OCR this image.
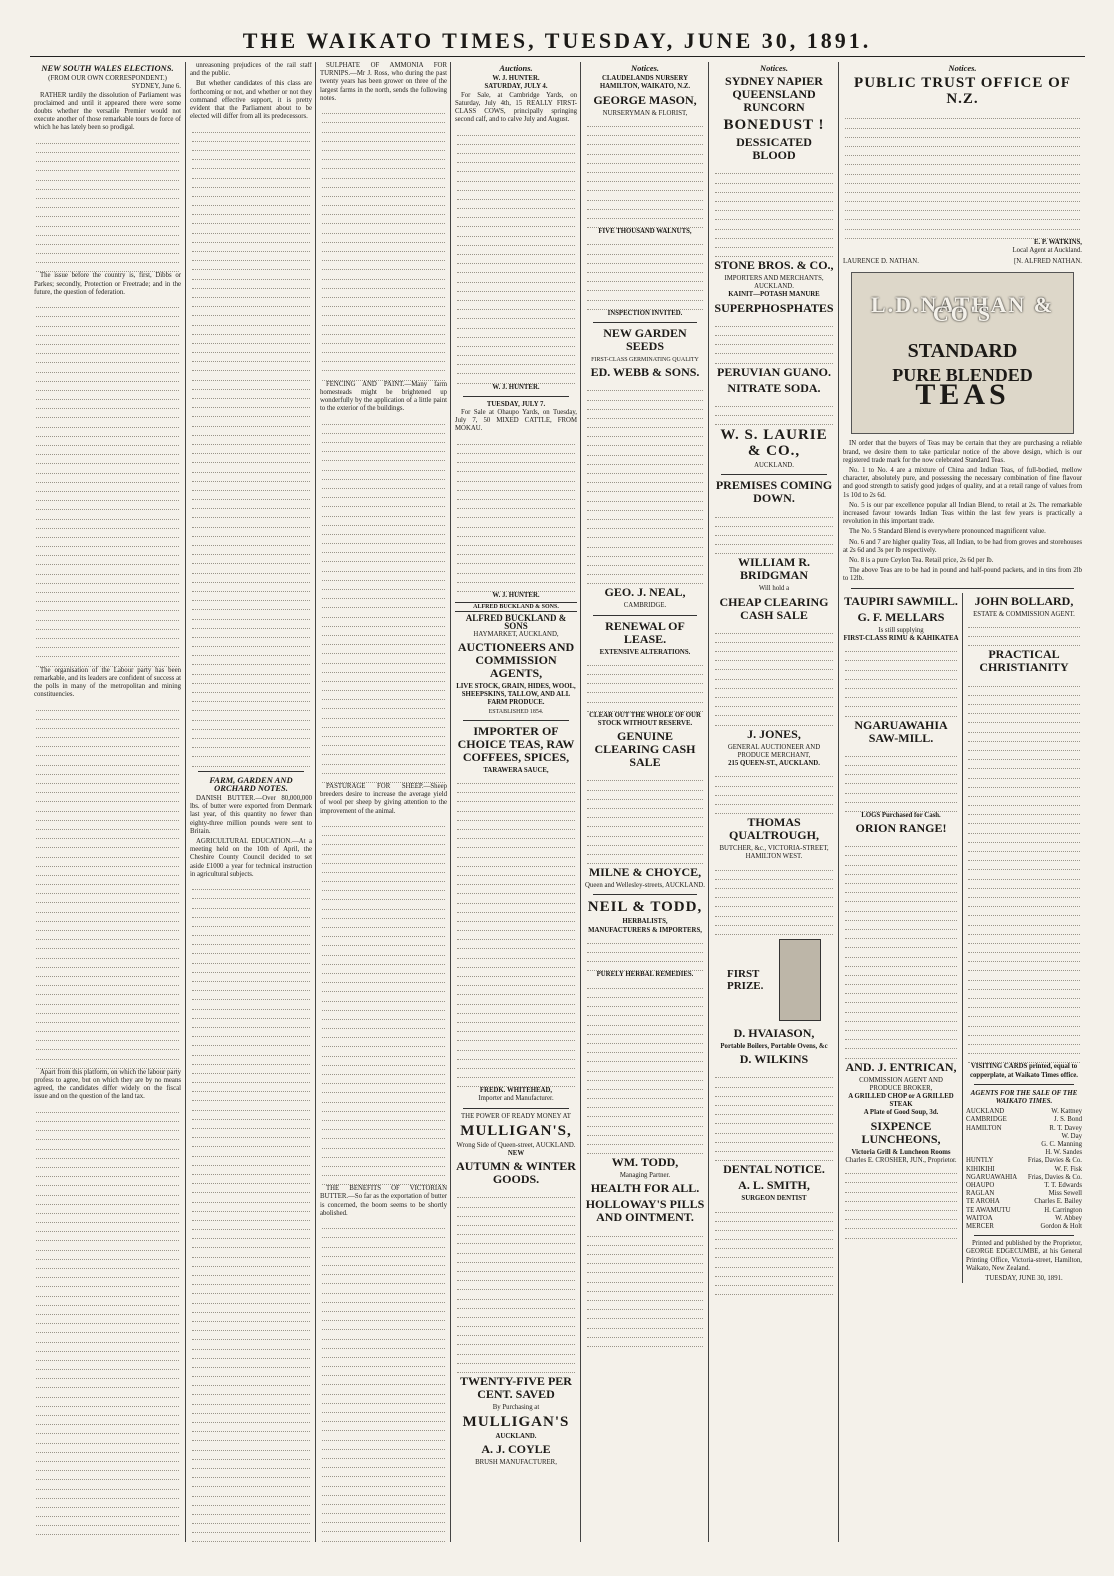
THE WAIKATO TIMES, TUESDAY, JUNE 30, 1891.
NEW SOUTH WALES ELECTIONS.
(FROM OUR OWN CORRESPONDENT.)
SYDNEY, June 6.

RATHER tardily the dissolution of Parliament was proclaimed and until it appeared there were some doubts whether the versatile Premier would not execute another of those remarkable tours de force of which he has lately been so prodigal.

The issue before the country is, first, Dibbs or Parkes; secondly, Protection or Freetrade; and in the future, the question of federation.

The organisation of the Labour party has been remarkable, and its leaders are confident of success at the polls in many of the metropolitan and mining constituencies.

Apart from this platform, on which the labour party profess to agree, but on which they are by no means agreed, the candidates differ widely on the fiscal issue and on the question of the land tax.

unreasoning prejudices of the rail staff and the public.

But whether candidates of this class are forthcoming or not, and whether or not they command effective support, it is pretty evident that the Parliament about to be elected will differ from all its predecessors.

FARM, GARDEN AND ORCHARD NOTES.

DANISH BUTTER.—Over 80,000,000 lbs. of butter were exported from Denmark last year, of this quantity no fewer than eighty-three million pounds were sent to Britain.

AGRICULTURAL EDUCATION.—At a meeting held on the 10th of April, the Cheshire County Council decided to set aside £1000 a year for technical instruction in agricultural subjects.

SULPHATE OF AMMONIA FOR TURNIPS.—Mr J. Ross, who during the past twenty years has been grower on three of the largest farms in the north, sends the following notes.

FENCING AND PAINT.—Many farm homesteads might be brightened up wonderfully by the application of a little paint to the exterior of the buildings.

PASTURAGE FOR SHEEP.—Sheep breeders desire to increase the average yield of wool per sheep by giving attention to the improvement of the animal.

THE BENEFITS OF VICTORIAN BUTTER.—So far as the exportation of butter is concerned, the boom seems to be shortly abolished.

Auctions.
W. J. HUNTER.
SATURDAY, JULY 4.

For Sale, at Cambridge Yards, on Saturday, July 4th, 15 REALLY FIRST-CLASS COWS, principally springing second calf, and to calve July and August.

W. J. HUNTER.
TUESDAY, JULY 7.

For Sale at Ohaupo Yards, on Tuesday, July 7, 50 MIXED CATTLE, FROM MOKAU.

W. J. HUNTER.
ALFRED BUCKLAND & SONS.
ALFRED BUCKLAND & SONS
HAYMARKET, AUCKLAND,
AUCTIONEERS AND COMMISSION AGENTS,
LIVE STOCK, GRAIN, HIDES, WOOL, SHEEPSKINS, TALLOW, AND ALL FARM PRODUCE.
ESTABLISHED 1854.
IMPORTER OF CHOICE TEAS, RAW COFFEES, SPICES,
TARAWERA SAUCE,
FREDK. WHITEHEAD,
Importer and Manufacturer.
THE POWER OF READY MONEY AT
MULLIGAN'S,
Wrong Side of Queen-street, AUCKLAND.
NEW
AUTUMN & WINTER GOODS.
TWENTY-FIVE PER CENT. SAVED
By Purchasing at
MULLIGAN'S
AUCKLAND.
A. J. COYLE
BRUSH MANUFACTURER,
Notices.
CLAUDELANDS NURSERY
HAMILTON, WAIKATO, N.Z.
GEORGE MASON,
NURSERYMAN & FLORIST,
FIVE THOUSAND WALNUTS,
INSPECTION INVITED.
NEW GARDEN SEEDS
FIRST-CLASS GERMINATING QUALITY
ED. WEBB & SONS.
GEO. J. NEAL,
CAMBRIDGE.
RENEWAL OF LEASE.
EXTENSIVE ALTERATIONS.
CLEAR OUT THE WHOLE OF OUR STOCK WITHOUT RESERVE.
GENUINE CLEARING CASH SALE
MILNE & CHOYCE,
Queen and Wellesley-streets, AUCKLAND.
NEIL & TODD,
HERBALISTS,
MANUFACTURERS & IMPORTERS,
PURELY HERBAL REMEDIES.
WM. TODD,
Managing Partner.
HEALTH FOR ALL.
HOLLOWAY'S PILLS AND OINTMENT.
Notices.
SYDNEY NAPIER QUEENSLAND RUNCORN
BONEDUST !
DESSICATED BLOOD
STONE BROS. & CO.,
IMPORTERS AND MERCHANTS, AUCKLAND.
KAINIT—POTASH MANURE
SUPERPHOSPHATES
PERUVIAN GUANO.
NITRATE SODA.
W. S. LAURIE & CO.,
AUCKLAND.
PREMISES COMING DOWN.
WILLIAM R. BRIDGMAN
Will hold a
CHEAP CLEARING CASH SALE
J. JONES,
GENERAL AUCTIONEER AND PRODUCE MERCHANT,
215 QUEEN-ST., AUCKLAND.
THOMAS QUALTROUGH,
BUTCHER, &c., VICTORIA-STREET, HAMILTON WEST.
FIRST PRIZE.
D. HVAIASON,
Portable Boilers, Portable Ovens, &c
D. WILKINS
DENTAL NOTICE.
A. L. SMITH,
SURGEON DENTIST
Notices.
PUBLIC TRUST OFFICE OF N.Z.
E. P. WATKINS,
Local Agent at Auckland.
LAURENCE D. NATHAN.	[N. ALFRED NATHAN.
L.D.NATHAN & CO'S
STANDARD
PURE BLENDED
TEAS

IN order that the buyers of Teas may be certain that they are purchasing a reliable brand, we desire them to take particular notice of the above design, which is our registered trade mark for the now celebrated Standard Teas.

No. 1 to No. 4 are a mixture of China and Indian Teas, of full-bodied, mellow character, absolutely pure, and possessing the necessary combination of fine flavour and good strength to satisfy good judges of quality, and at a retail range of values from 1s 10d to 2s 6d.

No. 5 is our par excellence popular all Indian Blend, to retail at 2s. The remarkable increased favour towards Indian Teas within the last few years is practically a revolution in this important trade.

The No. 5 Standard Blend is everywhere pronounced magnificent value.

No. 6 and 7 are higher quality Teas, all Indian, to be had from groves and storehouses at 2s 6d and 3s per lb respectively.

No. 8 is a pure Ceylon Tea. Retail price, 2s 6d per lb.

The above Teas are to be had in pound and half-pound packets, and in tins from 2lb to 12lb.

TAUPIRI SAWMILL.
G. F. MELLARS
Is still supplying
FIRST-CLASS RIMU & KAHIKATEA
NGARUAWAHIA SAW-MILL.
LOGS Purchased for Cash.
ORION RANGE!
AND. J. ENTRICAN,
COMMISSION AGENT AND PRODUCE BROKER,
A GRILLED CHOP or A GRILLED STEAK
A Plate of Good Soup, 3d.
SIXPENCE LUNCHEONS,
Victoria Grill & Luncheon Rooms
Charles E. CROSHER, JUN., Proprietor.
JOHN BOLLARD,
ESTATE & COMMISSION AGENT.
PRACTICAL CHRISTIANITY
VISITING CARDS printed, equal to copperplate, at Waikato Times office.
AGENTS FOR THE SALE OF THE WAIKATO TIMES.
AUCKLAND	W. Kattney
CAMBRIDGE	J. S. Bond
HAMILTON	R. T. Davey
W. Day
G. C. Manning
H. W. Sandes
HUNTLY	Frias, Davies & Co.
KIHIKIHI	W. F. Fisk
NGARUAWAHIA Frias, Davies & Co.
OHAUPO	T. T. Edwards
RAGLAN	Miss Sewell
TE AROHA	Charles E. Bailey
TE AWAMUTU	H. Carrington
WAITOA	W. Abbey
MERCER	Gordon & Holt

Printed and published by the Proprietor, GEORGE EDGECUMBE, at his General Printing Office, Victoria-street, Hamilton, Waikato, New Zealand.

TUESDAY, JUNE 30, 1891.
